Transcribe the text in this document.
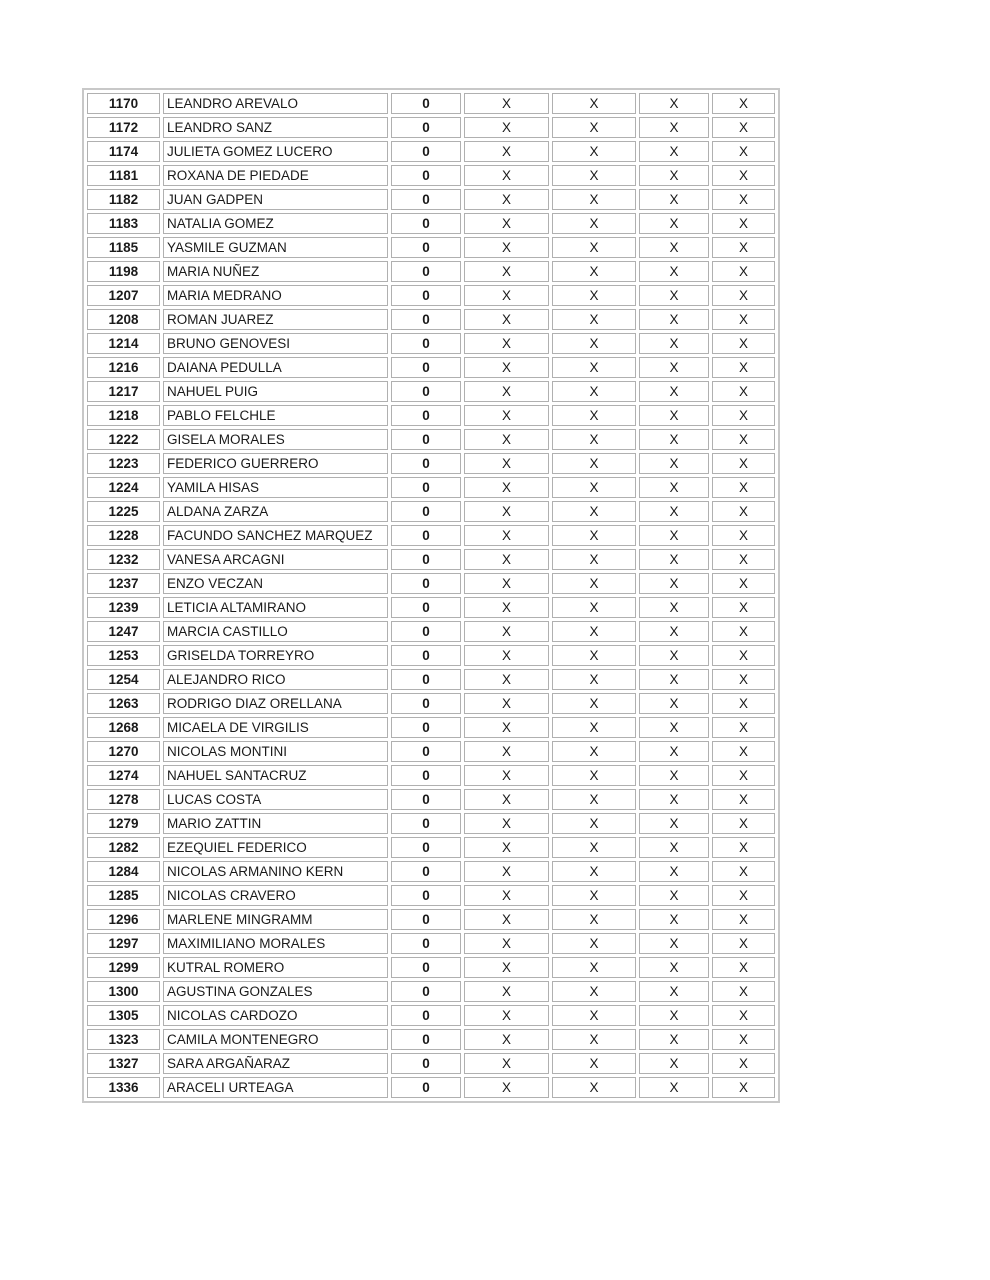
1170	LEANDRO AREVALO	0	X	X	X	X
1172	LEANDRO SANZ	0	X	X	X	X
1174	JULIETA GOMEZ LUCERO	0	X	X	X	X
1181	ROXANA DE PIEDADE	0	X	X	X	X
1182	JUAN GADPEN	0	X	X	X	X
1183	NATALIA GOMEZ	0	X	X	X	X
1185	YASMILE GUZMAN	0	X	X	X	X
1198	MARIA NUÑEZ	0	X	X	X	X
1207	MARIA MEDRANO	0	X	X	X	X
1208	ROMAN JUAREZ	0	X	X	X	X
1214	BRUNO GENOVESI	0	X	X	X	X
1216	DAIANA PEDULLA	0	X	X	X	X
1217	NAHUEL PUIG	0	X	X	X	X
1218	PABLO FELCHLE	0	X	X	X	X
1222	GISELA MORALES	0	X	X	X	X
1223	FEDERICO GUERRERO	0	X	X	X	X
1224	YAMILA HISAS	0	X	X	X	X
1225	ALDANA ZARZA	0	X	X	X	X
1228	FACUNDO SANCHEZ MARQUEZ	0	X	X	X	X
1232	VANESA ARCAGNI	0	X	X	X	X
1237	ENZO VECZAN	0	X	X	X	X
1239	LETICIA ALTAMIRANO	0	X	X	X	X
1247	MARCIA CASTILLO	0	X	X	X	X
1253	GRISELDA TORREYRO	0	X	X	X	X
1254	ALEJANDRO RICO	0	X	X	X	X
1263	RODRIGO DIAZ ORELLANA	0	X	X	X	X
1268	MICAELA DE VIRGILIS	0	X	X	X	X
1270	NICOLAS MONTINI	0	X	X	X	X
1274	NAHUEL SANTACRUZ	0	X	X	X	X
1278	LUCAS COSTA	0	X	X	X	X
1279	MARIO ZATTIN	0	X	X	X	X
1282	EZEQUIEL FEDERICO	0	X	X	X	X
1284	NICOLAS ARMANINO KERN	0	X	X	X	X
1285	NICOLAS CRAVERO	0	X	X	X	X
1296	MARLENE MINGRAMM	0	X	X	X	X
1297	MAXIMILIANO MORALES	0	X	X	X	X
1299	KUTRAL ROMERO	0	X	X	X	X
1300	AGUSTINA GONZALES	0	X	X	X	X
1305	NICOLAS CARDOZO	0	X	X	X	X
1323	CAMILA MONTENEGRO	0	X	X	X	X
1327	SARA ARGAÑARAZ	0	X	X	X	X
1336	ARACELI URTEAGA	0	X	X	X	X
